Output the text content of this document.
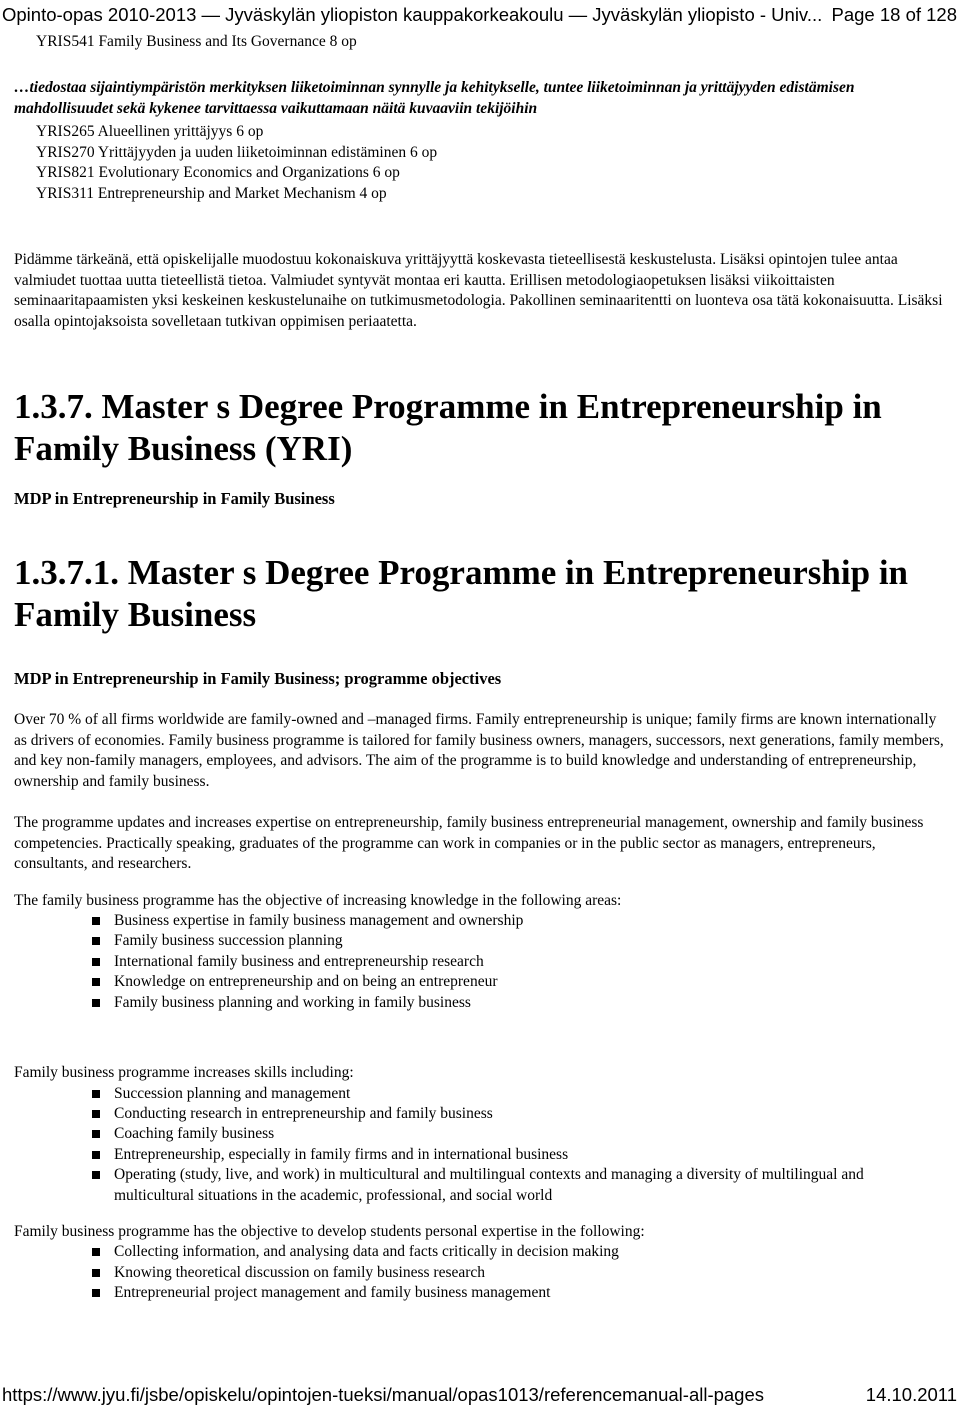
Opinto-opas 2010-2013 ― Jyväskylän yliopiston kauppakorkeakoulu ― Jyväskylän yliopisto - Univ... Page 18 of 128
YRIS541 Family Business and Its Governance 8 op
…tiedostaa sijaintiympäristön merkityksen liiketoiminnan synnylle ja kehitykselle, tuntee liiketoiminnan ja yrittäjyyden edistämisen mahdollisuudet sekä kykenee tarvittaessa vaikuttamaan näitä kuvaaviin tekijöihin
YRIS265 Alueellinen yrittäjyys 6 op
YRIS270 Yrittäjyyden ja uuden liiketoiminnan edistäminen 6 op
YRIS821 Evolutionary Economics and Organizations 6 op
YRIS311 Entrepreneurship and Market Mechanism 4 op

Pidämme tärkeänä, että opiskelijalle muodostuu kokonaiskuva yrittäjyyttä koskevasta tieteellisestä keskustelusta. Lisäksi opintojen tulee antaa valmiudet tuottaa uutta tieteellistä tietoa. Valmiudet syntyvät montaa eri kautta. Erillisen metodologiaopetuksen lisäksi viikoittaisten seminaaritapaamisten yksi keskeinen keskustelunaihe on tutkimusmetodologia. Pakollinen seminaaritentti on luonteva osa tätä kokonaisuutta. Lisäksi osalla opintojaksoista sovelletaan tutkivan oppimisen periaatetta.

1.3.7. Master s Degree Programme in Entrepreneurship in Family Business (YRI)
MDP in Entrepreneurship in Family Business
1.3.7.1. Master s Degree Programme in Entrepreneurship in Family Business
MDP in Entrepreneurship in Family Business; programme objectives

Over 70 % of all firms worldwide are family-owned and –managed firms. Family entrepreneurship is unique; family firms are known internationally as drivers of economies. Family business programme is tailored for family business owners, managers, successors, next generations, family members, and key non-family managers, employees, and advisors. The aim of the programme is to build knowledge and understanding of entrepreneurship, ownership and family business.

The programme updates and increases expertise on entrepreneurship, family business entrepreneurial management, ownership and family business competencies. Practically speaking, graduates of the programme can work in companies or in the public sector as managers, entrepreneurs, consultants, and researchers.

The family business programme has the objective of increasing knowledge in the following areas:

Business expertise in family business management and ownership
Family business succession planning
International family business and entrepreneurship research
Knowledge on entrepreneurship and on being an entrepreneur
Family business planning and working in family business

Family business programme increases skills including:

Succession planning and management
Conducting research in entrepreneurship and family business
Coaching family business
Entrepreneurship, especially in family firms and in international business
Operating (study, live, and work) in multicultural and multilingual contexts and managing a diversity of multilingual and multicultural situations in the academic, professional, and social world

Family business programme has the objective to develop students personal expertise in the following:

Collecting information, and analysing data and facts critically in decision making
Knowing theoretical discussion on family business research
Entrepreneurial project management and family business management
https://www.jyu.fi/jsbe/opiskelu/opintojen-tueksi/manual/opas1013/referencemanual-all-pages	14.10.2011
